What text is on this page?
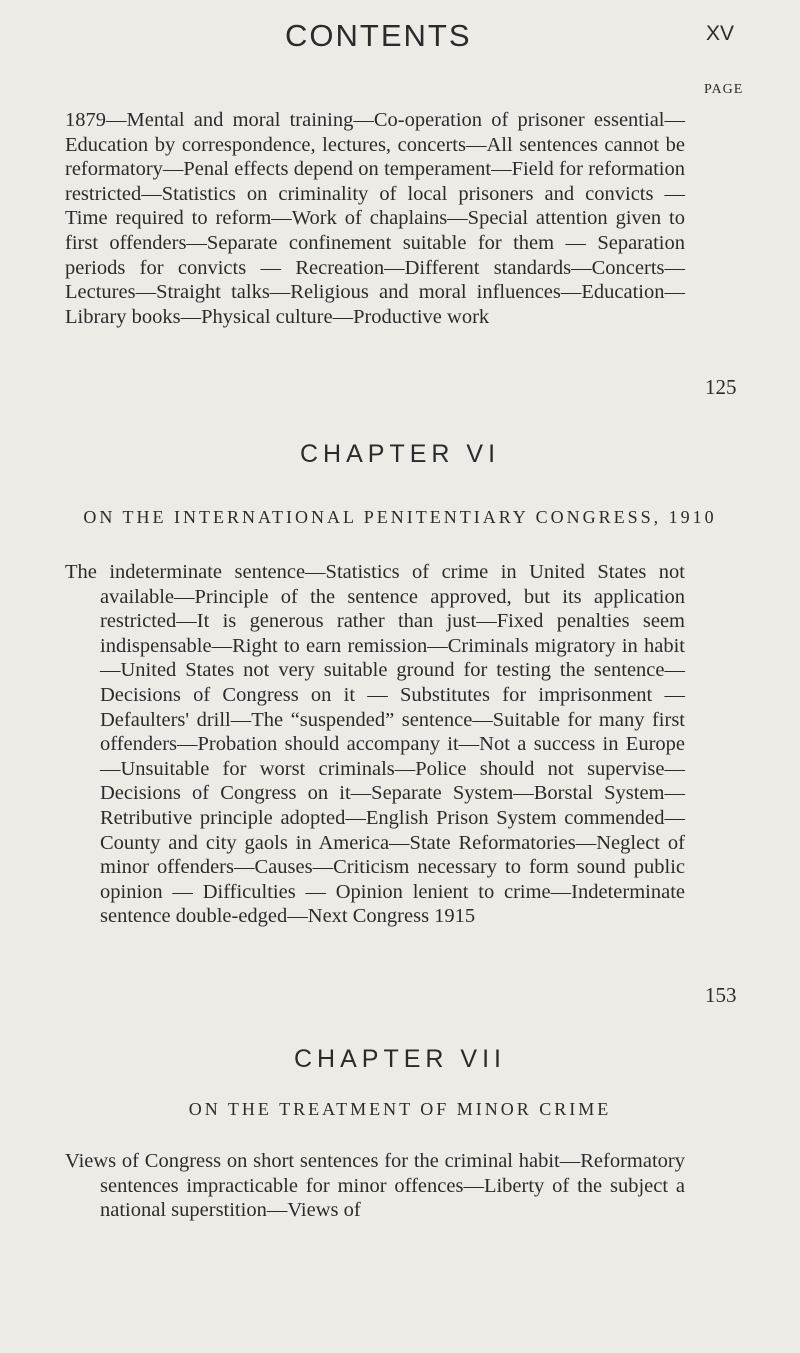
CONTENTS	XV
PAGE

1879—Mental and moral training—Co-operation of prisoner essential—Education by correspondence, lectures, concerts—All sentences cannot be reformatory—Penal effects depend on temperament—Field for reformation restricted—Statistics on criminality of local prisoners and convicts — Time required to reform—Work of chaplains—Special attention given to first offenders—Separate confinement suitable for them — Separation periods for convicts — Recreation—Different standards—Concerts—Lectures—Straight talks—Religious and moral influences—Education—Library books—Physical culture—Productive work

125
CHAPTER VI
ON THE INTERNATIONAL PENITENTIARY CONGRESS, 1910

The indeterminate sentence—Statistics of crime in United States not available—Principle of the sentence approved, but its application restricted—It is generous rather than just—Fixed penalties seem indispensable—Right to earn remission—Criminals migratory in habit—United States not very suitable ground for testing the sentence—Decisions of Congress on it — Substitutes for imprisonment — Defaulters' drill—The “suspended” sentence—Suitable for many first offenders—Probation should accompany it—Not a success in Europe—Unsuitable for worst criminals—Police should not supervise—Decisions of Congress on it—Separate System—Borstal System—Retributive principle adopted—English Prison System commended—County and city gaols in America—State Reformatories—Neglect of minor offenders—Causes—Criticism necessary to form sound public opinion — Difficulties — Opinion lenient to crime—Indeterminate sentence double-edged—Next Congress 1915

153
CHAPTER VII
ON THE TREATMENT OF MINOR CRIME

Views of Congress on short sentences for the criminal habit—Reformatory sentences impracticable for minor offences—Liberty of the subject a national superstition—Views of
